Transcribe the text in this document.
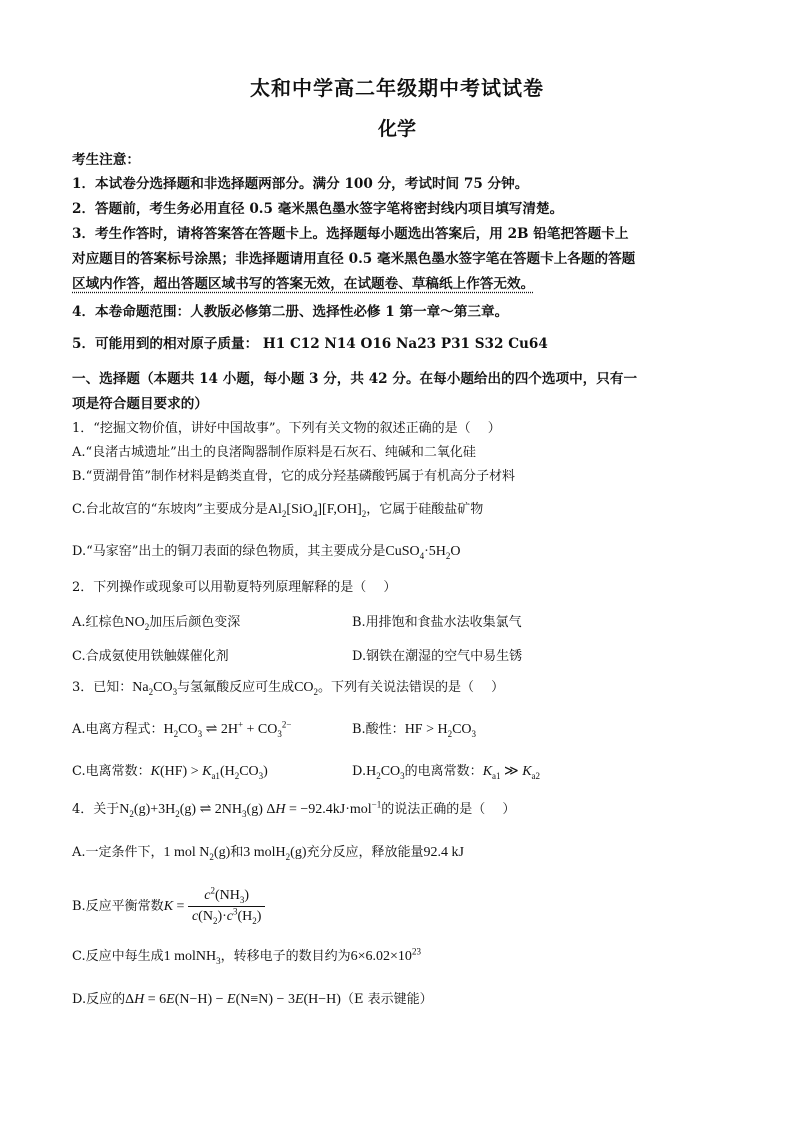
太和中学高二年级期中考试试卷
化学
考生注意：
1．本试卷分选择题和非选择题两部分。满分 100 分，考试时间 75 分钟。
2．答题前，考生务必用直径 0.5 毫米黑色墨水签字笔将密封线内项目填写清楚。
3．考生作答时，请将答案答在答题卡上。选择题每小题选出答案后，用 2B 铅笔把答题卡上
对应题目的答案标号涂黑；非选择题请用直径 0.5 毫米黑色墨水签字笔在答题卡上各题的答题
区域内作答，超出答题区域书写的答案无效，在试题卷、草稿纸上作答无效。
4．本卷命题范围：人教版必修第二册、选择性必修 1 第一章～第三章。
5．可能用到的相对原子质量： H1 C12 N14 O16 Na23 P31 S32 Cu64
一、选择题（本题共 14 小题，每小题 3 分，共 42 分。在每小题给出的四个选项中，只有一
项是符合题目要求的）
1．“挖掘文物价值，讲好中国故事”。下列有关文物的叙述正确的是（　 ）
A.“良渚古城遗址”出土的良渚陶器制作原料是石灰石、纯碱和二氧化硅
B.“贾湖骨笛”制作材料是鹤类直骨，它的成分羟基磷酸钙属于有机高分子材料
C.台北故宫的“东坡肉”主要成分是$Al_2[SiO_4][F,OH]_2$，它属于硅酸盐矿物
D.“马家窑”出土的铜刀表面的绿色物质，其主要成分是$CuSO_4\cdot 5H_2O$
2．下列操作或现象可以用勒夏特列原理解释的是（　 ）
A.红棕色$NO_2$加压后颜色变深	B.用排饱和食盐水法收集氯气
C.合成氨使用铁触媒催化剂	D.钢铁在潮湿的空气中易生锈
3．已知：$Na_2CO_3$与氢氟酸反应可生成$CO_2$。下列有关说法错误的是（　 ）
A.电离方程式：$H_2CO_3$ ⇌ $2H^+ + CO_3^{2-}$	B.酸性：HF > $H_2CO_3$
C.电离常数：$K(HF) > K_{a1}(H_2CO_3)$	$D.H_2CO_3$的电离常数：$K_{a1}$ ≫ $K_{a2}$
4．关于$N_2(g)+3H_2(g)$ ⇌ $2NH_3(g) \Delta H = -92.4kJ\cdot mol^{-1}$的说法正确的是（　 ）
A.一定条件下，1 mol $N_2(g)$和3 molH$_2$(g)充分反应，释放能量92.4 kJ
B.反应平衡常数$K = \frac{c^2(NH_3)}{c(N_2)\cdot c^3(H_2)}$
C.反应中每生成1 molNH$_3$，转移电子的数目约为$6\times 6.02\times 10^{23}$
D.反应的ΔH = 6E(N−H) − E(N≡N) − 3E(H−H)（E 表示键能）
